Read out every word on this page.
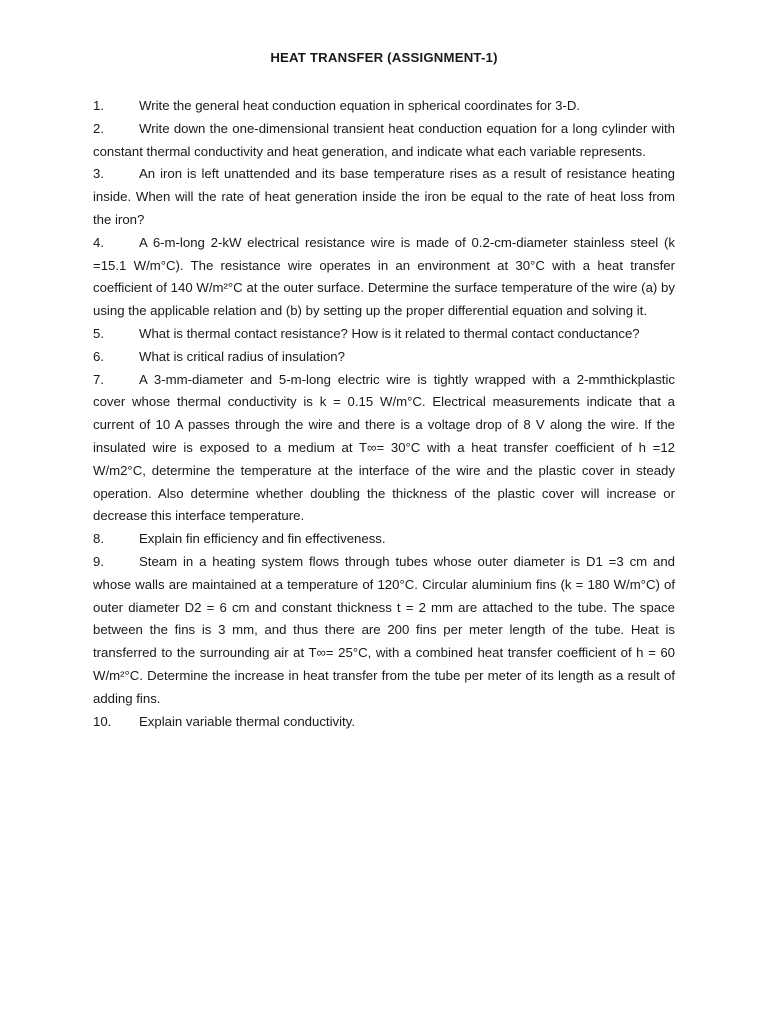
HEAT TRANSFER (ASSIGNMENT-1)

1.	Write the general heat conduction equation in spherical coordinates for 3-D.

2.	Write down the one-dimensional transient heat conduction equation for a long cylinder with constant thermal conductivity and heat generation, and indicate what each variable represents.

3.	An iron is left unattended and its base temperature rises as a result of resistance heating inside. When will the rate of heat generation inside the iron be equal to the rate of heat loss from the iron?

4.	A 6-m-long 2-kW electrical resistance wire is made of 0.2-cm-diameter stainless steel (k =15.1 W/m°C). The resistance wire operates in an environment at 30°C with a heat transfer coefficient of 140 W/m²°C at the outer surface. Determine the surface temperature of the wire (a) by using the applicable relation and (b) by setting up the proper differential equation and solving it.

5.	What is thermal contact resistance? How is it related to thermal contact conductance?

6.	What is critical radius of insulation?

7.	A 3-mm-diameter and 5-m-long electric wire is tightly wrapped with a 2-mmthickplastic cover whose thermal conductivity is k = 0.15 W/m°C. Electrical measurements indicate that a current of 10 A passes through the wire and there is a voltage drop of 8 V along the wire. If the insulated wire is exposed to a medium at T∞= 30°C with a heat transfer coefficient of h =12 W/m2°C, determine the temperature at the interface of the wire and the plastic cover in steady operation. Also determine whether doubling the thickness of the plastic cover will increase or decrease this interface temperature.

8.	Explain fin efficiency and fin effectiveness.

9.	Steam in a heating system flows through tubes whose outer diameter is D1 =3 cm and whose walls are maintained at a temperature of 120°C. Circular aluminium fins (k = 180 W/m°C) of outer diameter D2 = 6 cm and constant thickness t = 2 mm are attached to the tube. The space between the fins is 3 mm, and thus there are 200 fins per meter length of the tube. Heat is transferred to the surrounding air at T∞= 25°C, with a combined heat transfer coefficient of h = 60 W/m²°C. Determine the increase in heat transfer from the tube per meter of its length as a result of adding fins.

10. Explain variable thermal conductivity.
